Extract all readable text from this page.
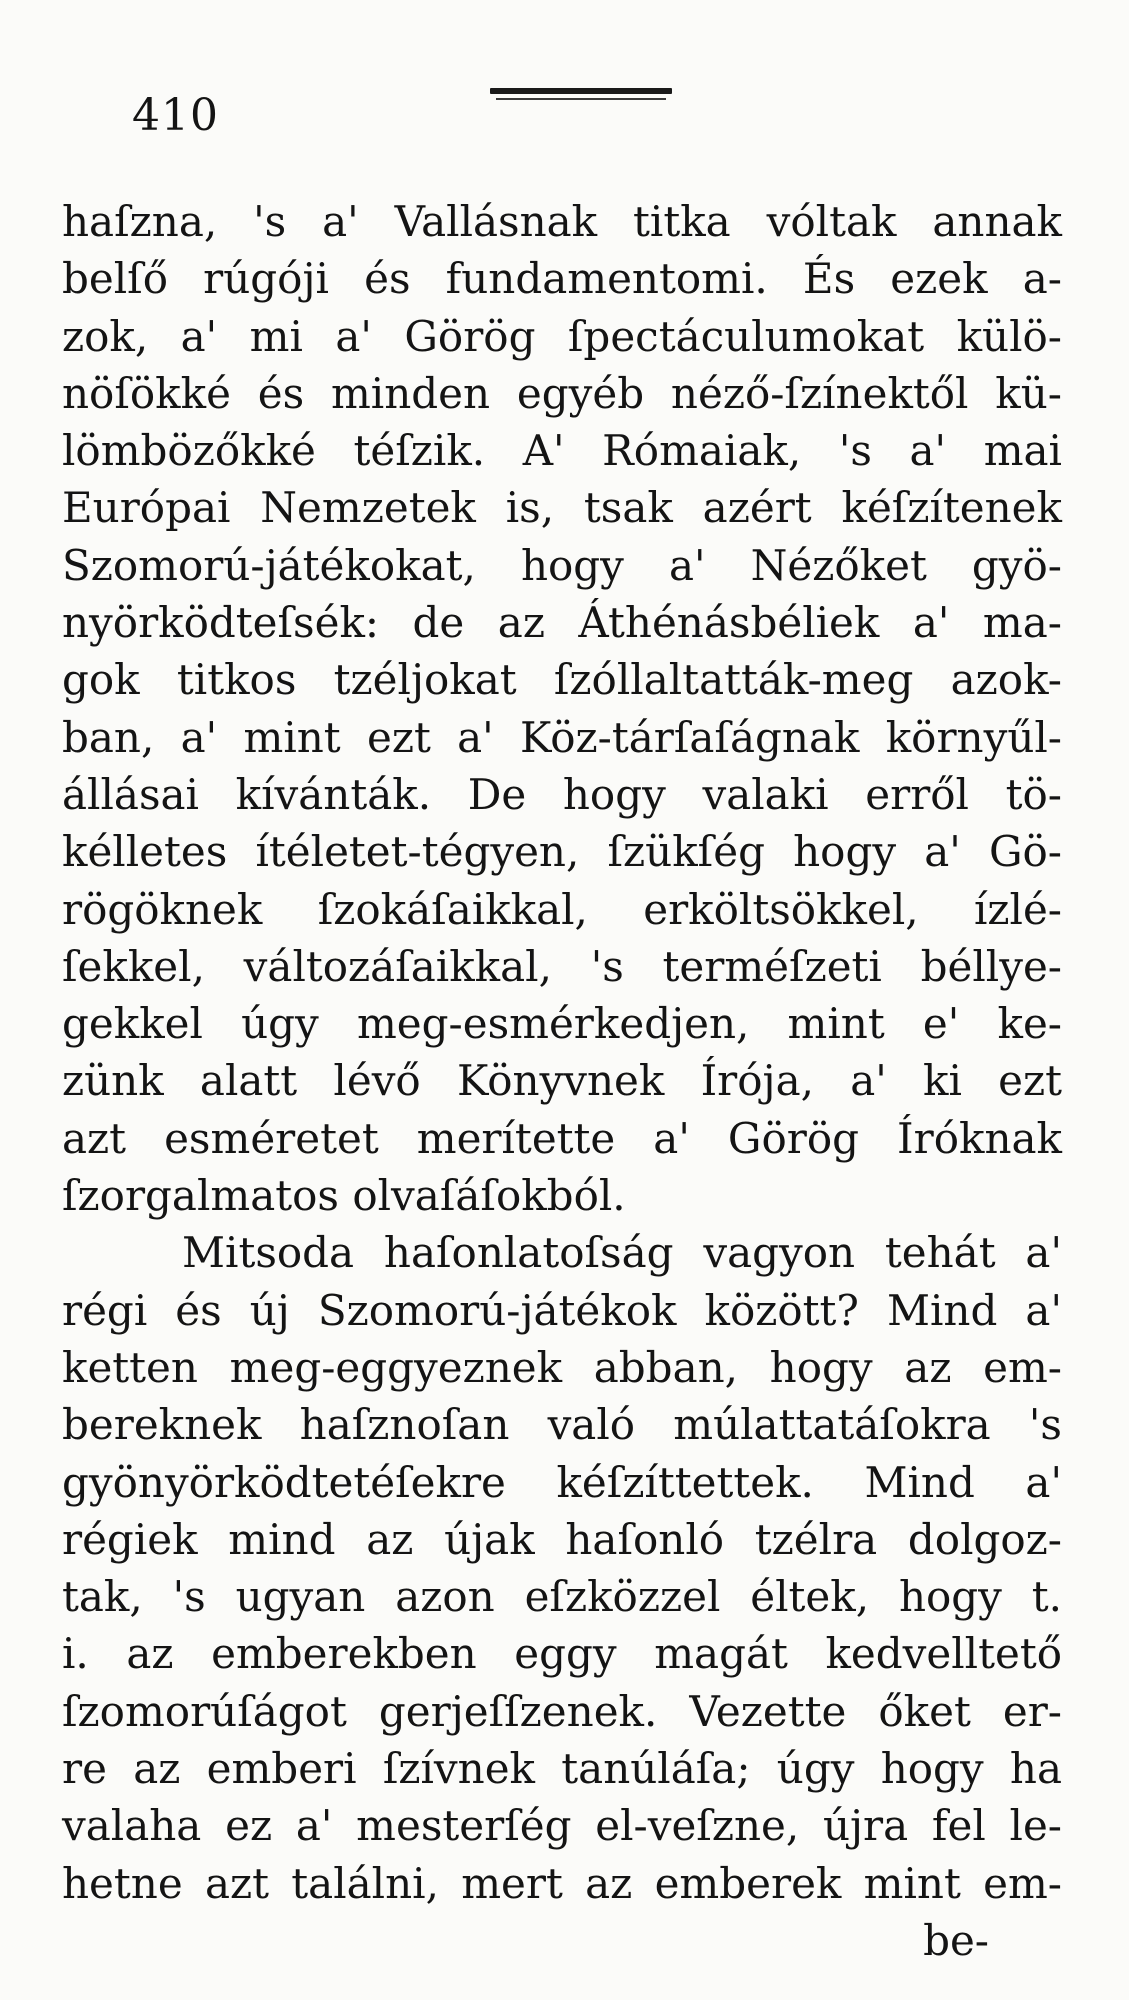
410
haſzna, 's a' Vallásnak titka vóltak annak
belſő rúgóji és fundamentomi. És ezek a-
zok, a' mi a' Görög ſpectáculumokat külö-
nöſökké és minden egyéb néző-ſzínektől kü-
lömbözőkké téſzik. A' Rómaiak, 's a' mai
Európai Nemzetek is, tsak azért kéſzítenek
Szomorú-játékokat, hogy a' Nézőket gyö-
nyörködteſsék: de az Áthénásbéliek a' ma-
gok titkos tzéljokat ſzóllaltatták-meg azok-
ban, a' mint ezt a' Köz-tárſaſágnak környűl-
állásai kívánták. De hogy valaki erről tö-
kélletes ítéletet-tégyen, ſzükſég hogy a' Gö-
rögöknek ſzokáſaikkal, erköltsökkel, ízlé-
ſekkel, változáſaikkal, 's terméſzeti béllye-
gekkel úgy meg-esmérkedjen, mint e' ke-
zünk alatt lévő Könyvnek Írója, a' ki ezt
azt esméretet merítette a' Görög Íróknak
ſzorgalmatos olvaſáſokból.
Mitsoda haſonlatoſság vagyon tehát a'
régi és új Szomorú-játékok között? Mind a'
ketten meg-eggyeznek abban, hogy az em-
bereknek haſznoſan való múlattatáſokra 's
gyönyörködtetéſekre kéſzíttettek. Mind a'
régiek mind az újak haſonló tzélra dolgoz-
tak, 's ugyan azon eſzközzel éltek, hogy t.
i. az emberekben eggy magát kedvelltető
ſzomorúſágot gerjeſſzenek. Vezette őket er-
re az emberi ſzívnek tanúláſa; úgy hogy ha
valaha ez a' mesterſég el-veſzne, újra fel le-
hetne azt találni, mert az emberek mint em-
be-
